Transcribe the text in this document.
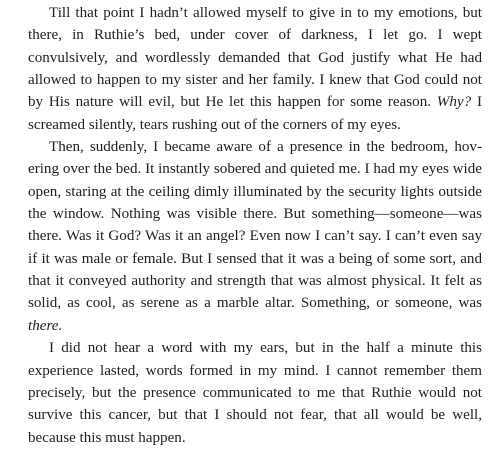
Till that point I hadn’t allowed myself to give in to my emotions, but there, in Ruthie’s bed, under cover of darkness, I let go. I wept convulsively, and wordlessly demanded that God justify what He had allowed to happen to my sister and her family. I knew that God could not by His nature will evil, but He let this happen for some reason. Why? I screamed silently, tears rushing out of the corners of my eyes.

Then, suddenly, I became aware of a presence in the bedroom, hovering over the bed. It instantly sobered and quieted me. I had my eyes wide open, staring at the ceiling dimly illuminated by the security lights outside the window. Nothing was visible there. But something—someone—was there. Was it God? Was it an angel? Even now I can’t say. I can’t even say if it was male or female. But I sensed that it was a being of some sort, and that it conveyed authority and strength that was almost physical. It felt as solid, as cool, as serene as a marble altar. Something, or someone, was there.

I did not hear a word with my ears, but in the half a minute this experience lasted, words formed in my mind. I cannot remember them precisely, but the presence communicated to me that Ruthie would not survive this cancer, but that I should not fear, that all would be well, because this must happen.
